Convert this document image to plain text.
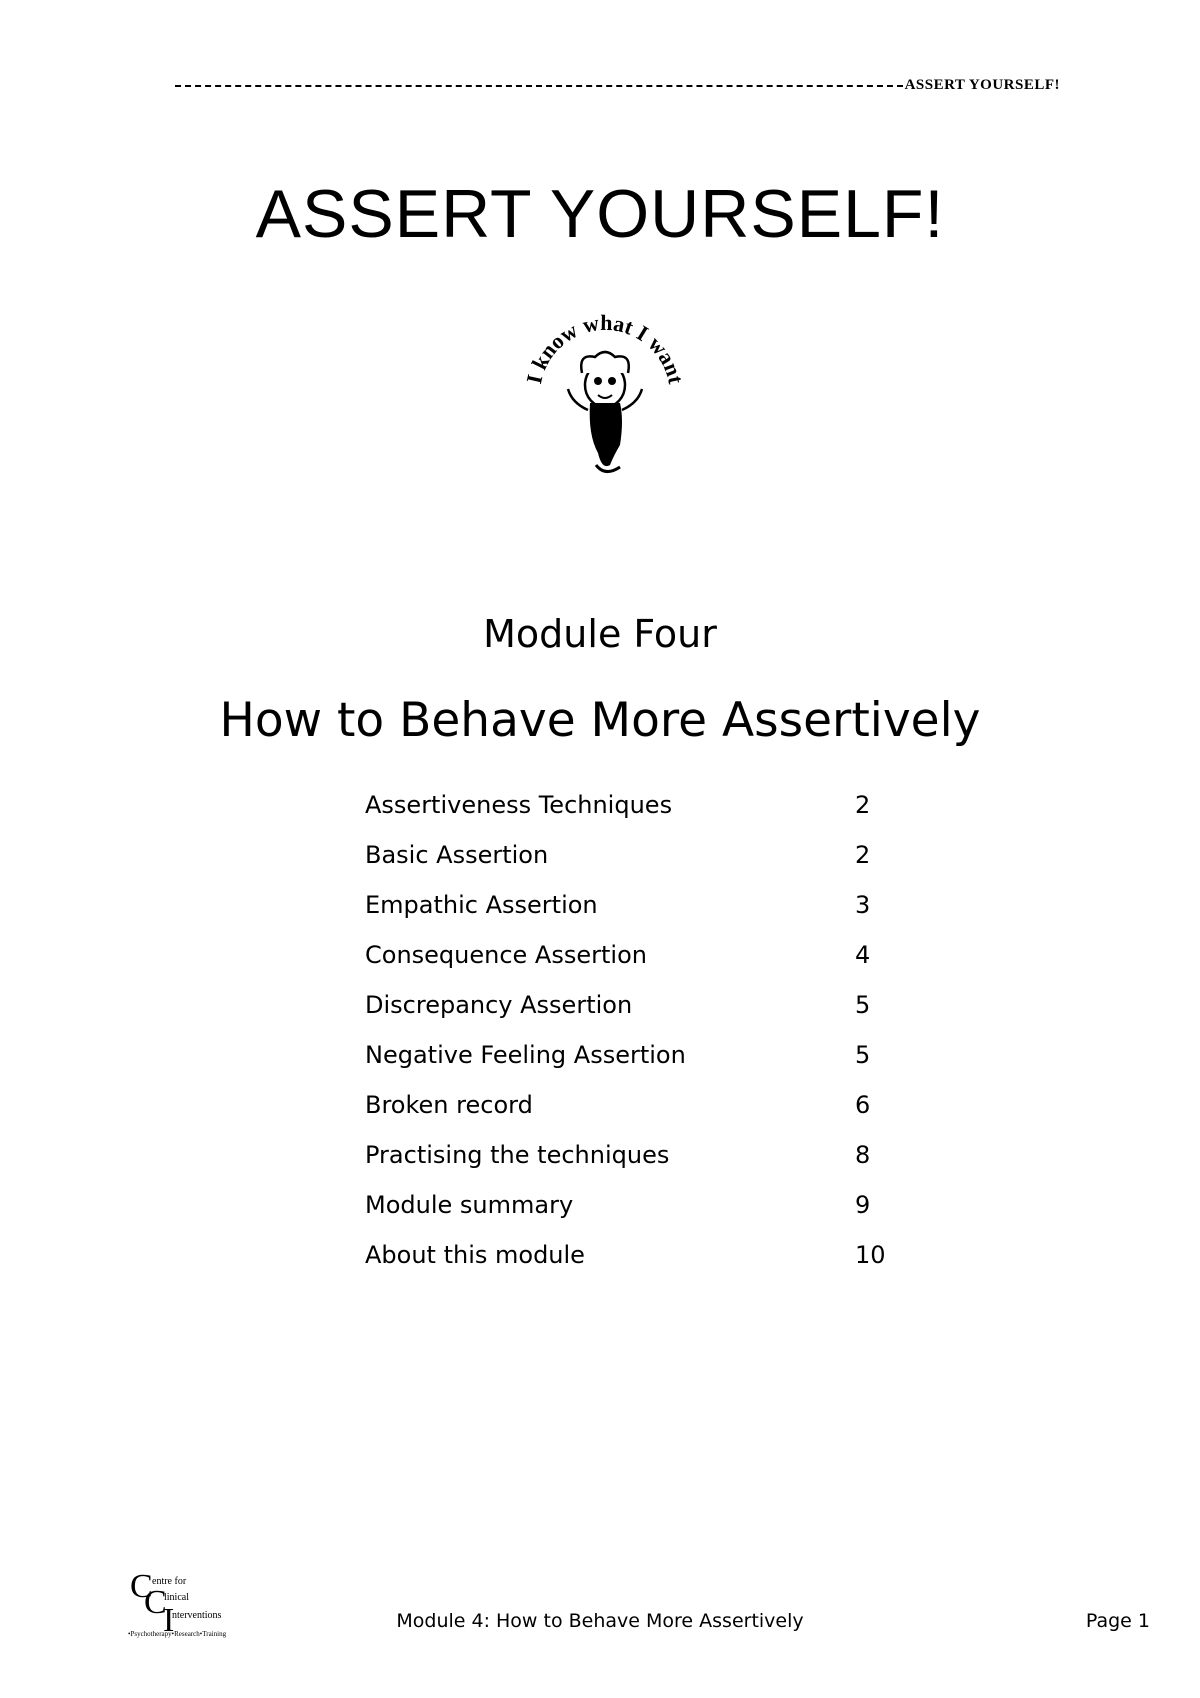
ASSERT YOURSELF!
ASSERT YOURSELF!
I know what I want
Module Four
How to Behave More Assertively
Assertiveness Techniques	2
Basic Assertion	2
Empathic Assertion	3
Consequence Assertion	4
Discrepancy Assertion	5
Negative Feeling Assertion	5
Broken record	6
Practising the techniques	8
Module summary	9
About this module	10
C entre for
C
linical
I
nterventions
•Psychotherapy•Research•Training
Module 4: How to Behave More Assertively	Page 1
